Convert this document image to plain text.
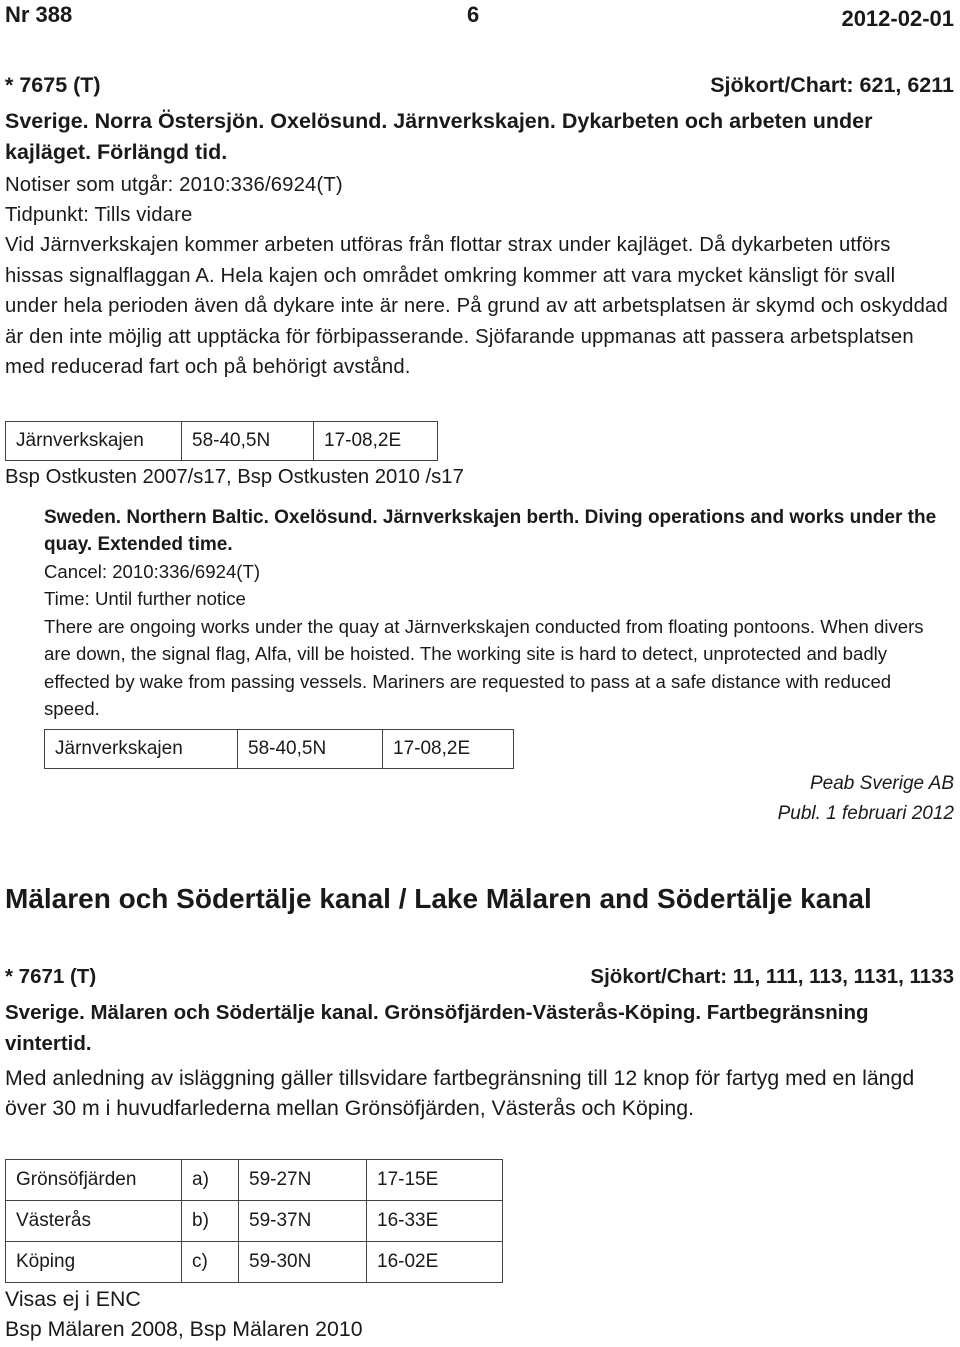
Nr 388	6	2012-02-01
* 7675 (T)	Sjökort/Chart: 621, 6211
Sverige. Norra Östersjön. Oxelösund. Järnverkskajen. Dykarbeten och arbeten under kajläget. Förlängd tid.
Notiser som utgår: 2010:336/6924(T)
Tidpunkt: Tills vidare
Vid Järnverkskajen kommer arbeten utföras från flottar strax under kajläget. Då dykarbeten utförs hissas signalflaggan A. Hela kajen och området omkring kommer att vara mycket känsligt för svall under hela perioden även då dykare inte är nere. På grund av att arbetsplatsen är skymd och oskyddad är den inte möjlig att upptäcka för förbipasserande. Sjöfarande uppmanas att passera arbetsplatsen med reducerad fart och på behörigt avstånd.
Järnverkskajen	58-40,5N	17-08,2E
Bsp Ostkusten 2007/s17, Bsp Ostkusten 2010 /s17
Sweden. Northern Baltic. Oxelösund. Järnverkskajen berth. Diving operations and works under the quay. Extended time.
Cancel: 2010:336/6924(T)
Time: Until further notice
There are ongoing works under the quay at Järnverkskajen conducted from floating pontoons. When divers are down, the signal flag, Alfa, vill be hoisted. The working site is hard to detect, unprotected and badly effected by wake from passing vessels. Mariners are requested to pass at a safe distance with reduced speed.
Järnverkskajen	58-40,5N	17-08,2E
Peab Sverige AB
Publ. 1 februari 2012
Mälaren och Södertälje kanal / Lake Mälaren and Södertälje kanal
* 7671 (T)	Sjökort/Chart: 11, 111, 113, 1131, 1133
Sverige. Mälaren och Södertälje kanal. Grönsöfjärden-Västerås-Köping. Fartbegränsning vintertid.
Med anledning av isläggning gäller tillsvidare fartbegränsning till 12 knop för fartyg med en längd över 30 m i huvudfarlederna mellan Grönsöfjärden, Västerås och Köping.
Grönsöfjärden	a)	59-27N	17-15E
Västerås	b)	59-37N	16-33E
Köping	c)	59-30N	16-02E
Visas ej i ENC
Bsp Mälaren 2008, Bsp Mälaren 2010
